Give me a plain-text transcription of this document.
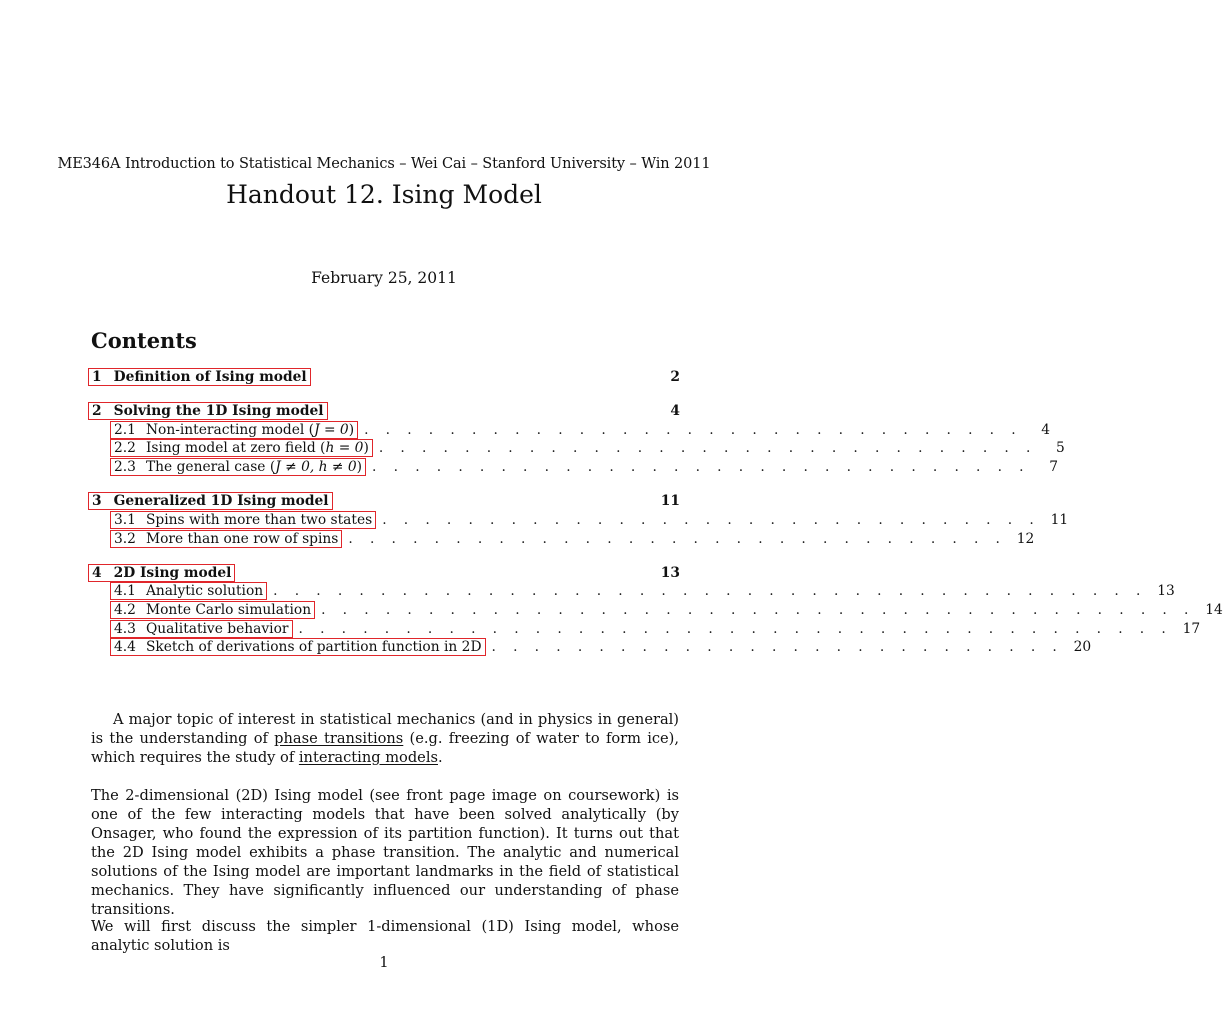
ME346A Introduction to Statistical Mechanics – Wei Cai – Stanford University – Win 2011
Handout 12. Ising Model
February 25, 2011
Contents
1 Definition of Ising model	2
2 Solving the 1D Ising model	4
2.1 Non-interacting model (J = 0) . . . . . . . . . . . . . . . . . . . . . . . . . . . . . . .	4
2.2 Ising model at zero field (h = 0) . . . . . . . . . . . . . . . . . . . . . . . . . . . . . . .	5
2.3 The general case (J ≠ 0, h ≠ 0) . . . . . . . . . . . . . . . . . . . . . . . . . . . . . . .	7
3 Generalized 1D Ising model	11
3.1 Spins with more than two states . . . . . . . . . . . . . . . . . . . . . . . . . . . . . . . 11
3.2 More than one row of spins . . . . . . . . . . . . . . . . . . . . . . . . . . . . . . . 12
4 2D Ising model	13
4.1 Analytic solution . . . . . . . . . . . . . . . . . . . . . . . . . . . . . . . . . . . . . . . . . 13
4.2 Monte Carlo simulation . . . . . . . . . . . . . . . . . . . . . . . . . . . . . . . . . . . . . . . . . 14
4.3 Qualitative behavior . . . . . . . . . . . . . . . . . . . . . . . . . . . . . . . . . . . . . . . . . 17
4.4 Sketch of derivations of partition function in 2D . . . . . . . . . . . . . . . . . . . . . . . . . . . 20
A major topic of interest in statistical mechanics (and in physics in general) is the understanding of phase transitions (e.g. freezing of water to form ice), which requires the study of interacting models.
The 2-dimensional (2D) Ising model (see front page image on coursework) is one of the few interacting models that have been solved analytically (by Onsager, who found the expression of its partition function). It turns out that the 2D Ising model exhibits a phase transition. The analytic and numerical solutions of the Ising model are important landmarks in the field of statistical mechanics. They have significantly influenced our understanding of phase transitions.
We will first discuss the simpler 1-dimensional (1D) Ising model, whose analytic solution is
1
